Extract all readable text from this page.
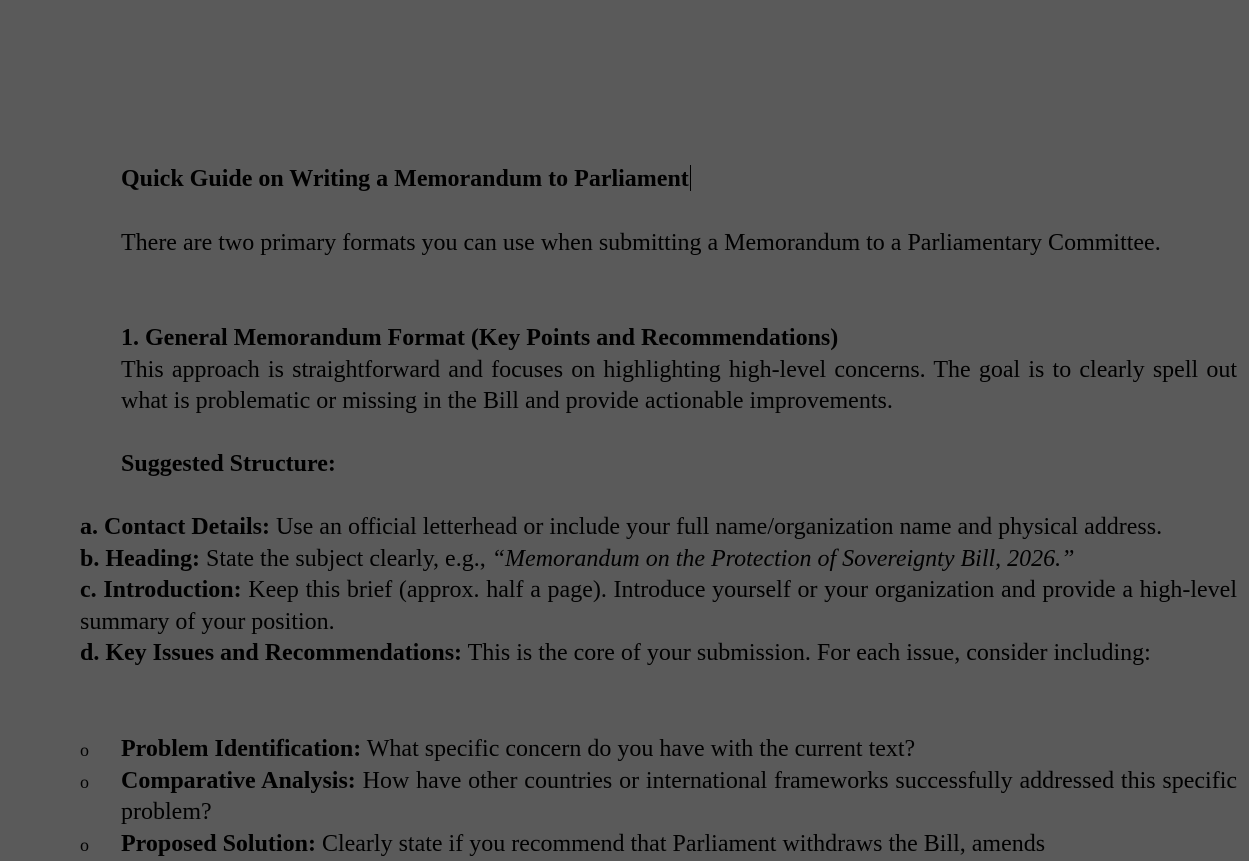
Quick Guide on Writing a Memorandum to Parliament
There are two primary formats you can use when submitting a Memorandum to a Parliamentary Committee.
1. General Memorandum Format (Key Points and Recommendations)
This approach is straightforward and focuses on highlighting high-level concerns. The goal is to clearly spell out what is problematic or missing in the Bill and provide actionable improvements.
Suggested Structure:

a. Contact Details: Use an official letterhead or include your full name/organization name and physical address.

b. Heading: State the subject clearly, e.g., “Memorandum on the Protection of Sovereignty Bill, 2026.”

c. Introduction: Keep this brief (approx. half a page). Introduce yourself or your organization and provide a high-level summary of your position.

d. Key Issues and Recommendations: This is the core of your submission. For each issue, consider including:

o Problem Identification: What specific concern do you have with the current text?
o Comparative Analysis: How have other countries or international frameworks successfully addressed this specific problem?
o Proposed Solution: Clearly state if you recommend that Parliament withdraws the Bill, amends
